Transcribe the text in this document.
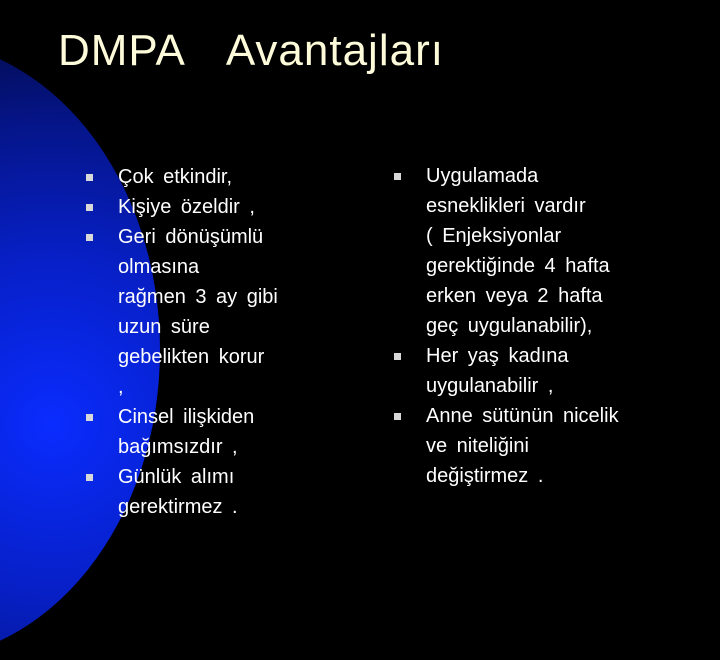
DMPA Avantajları
Çok etkindir,
Kişiye özeldir ,
Geri dönüşümlü
olmasına
rağmen 3 ay gibi
uzun süre
gebelikten korur
,
Cinsel ilişkiden
bağımsızdır ,
Günlük alımı
gerektirmez .
Uygulamada
esneklikleri vardır
( Enjeksiyonlar
gerektiğinde 4 hafta
erken veya 2 hafta
geç uygulanabilir),
Her yaş kadına
uygulanabilir ,
Anne sütünün nicelik
ve niteliğini
değiştirmez .
